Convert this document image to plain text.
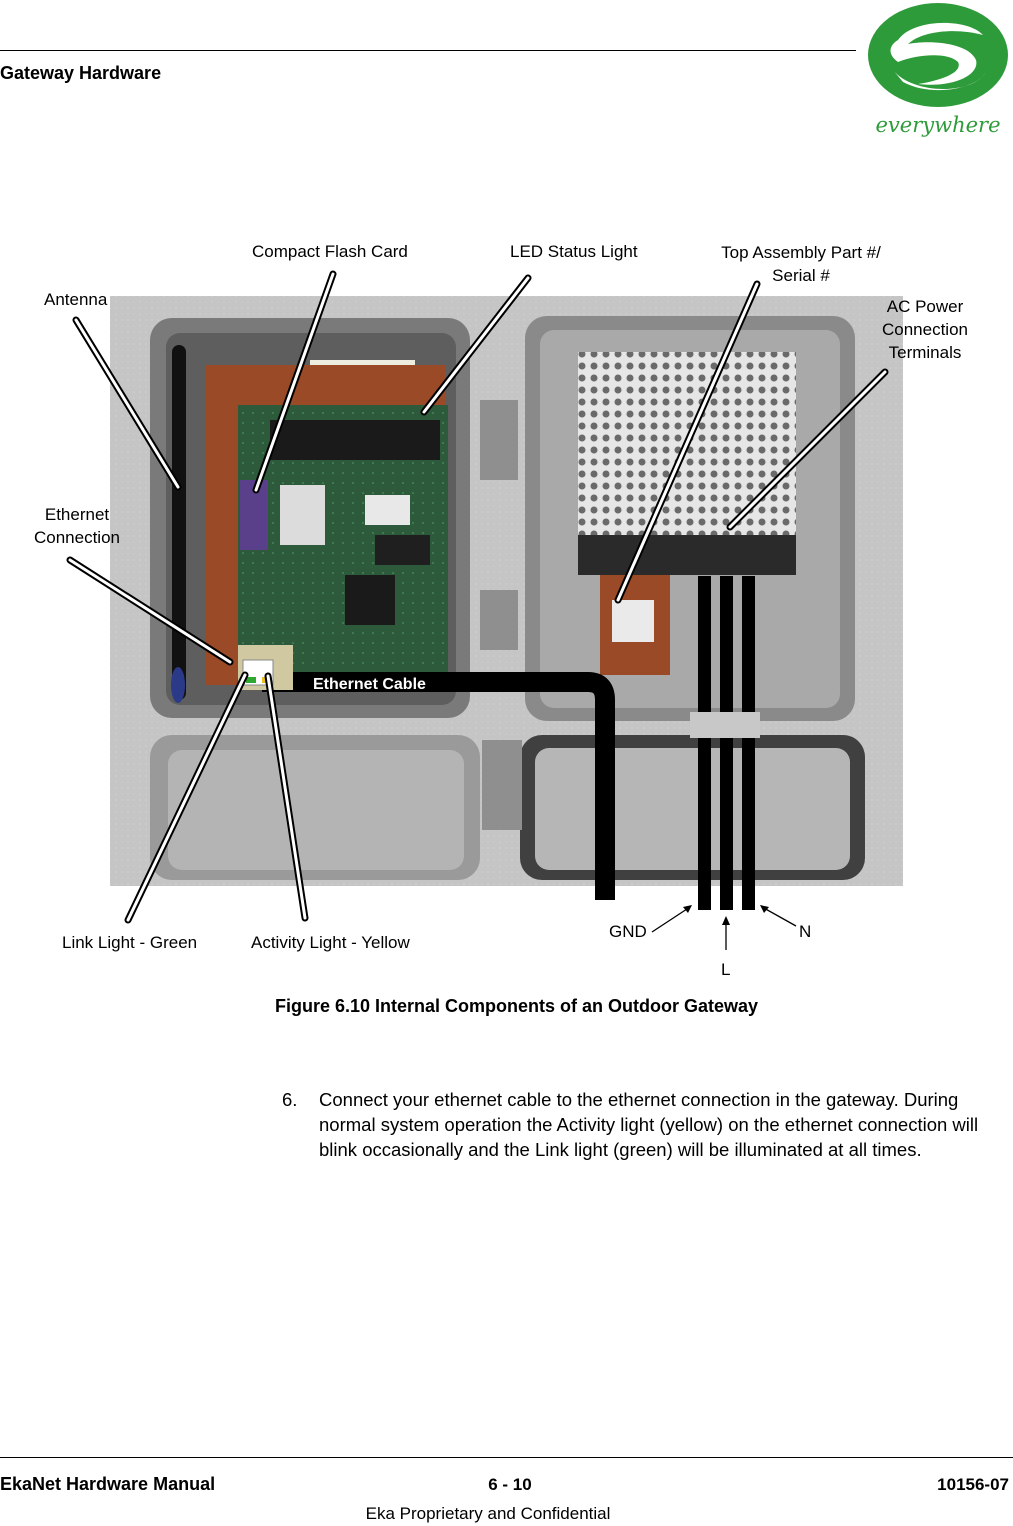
Gateway Hardware
everywhere
Compact Flash Card	LED Status Light	Top Assembly Part #/
Serial #
Antenna	AC Power
Connection
Terminals
Ethernet
Connection
Ethernet Cable
Link Light - Green	Activity Light - Yellow
GND	N
L
Figure 6.10 Internal Components of an Outdoor Gateway
6. Connect your ethernet cable to the ethernet connection in the gateway. During normal system operation the Activity light (yellow) on the ethernet connection will blink occasionally and the Link light (green) will be illuminated at all times.
EkaNet Hardware Manual	6 - 10	10156-07
Eka Proprietary and Confidential
